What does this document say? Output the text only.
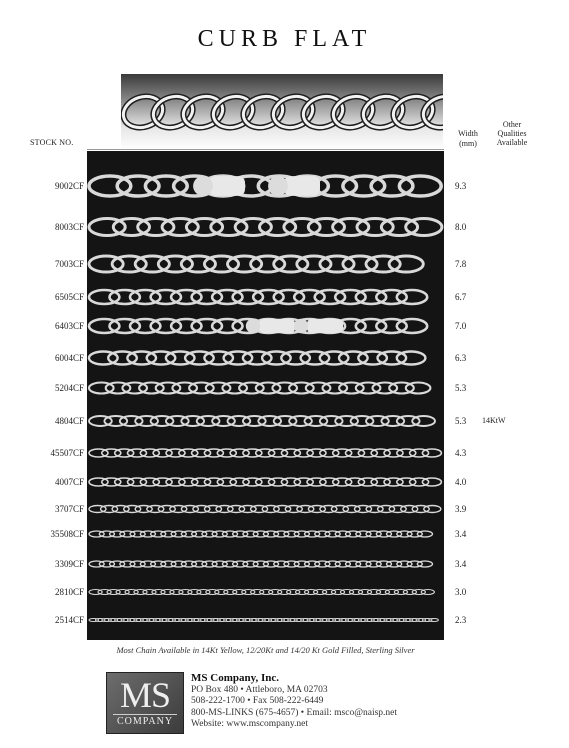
CURB FLAT
STOCK NO.
Width
(mm)
Other
Qualities
Available
9002CF	9.3
8003CF	8.0
7003CF	7.8
6505CF	6.7
6403CF	7.0
6004CF	6.3
5204CF	5.3
4804CF	5.3	14KtW
45507CF	4.3
4007CF	4.0
3707CF	3.9
35508CF	3.4
3309CF	3.4
2810CF	3.0
2514CF	2.3
Most Chain Available in 14Kt Yellow, 12/20Kt and 14/20 Kt Gold Filled, Sterling Silver
MS
COMPANY
MS Company, Inc.
PO Box 480 • Attleboro, MA 02703
508-222-1700 • Fax 508-222-6449
800-MS-LINKS (675-4657) • Email: msco@naisp.net
Website: www.mscompany.net
